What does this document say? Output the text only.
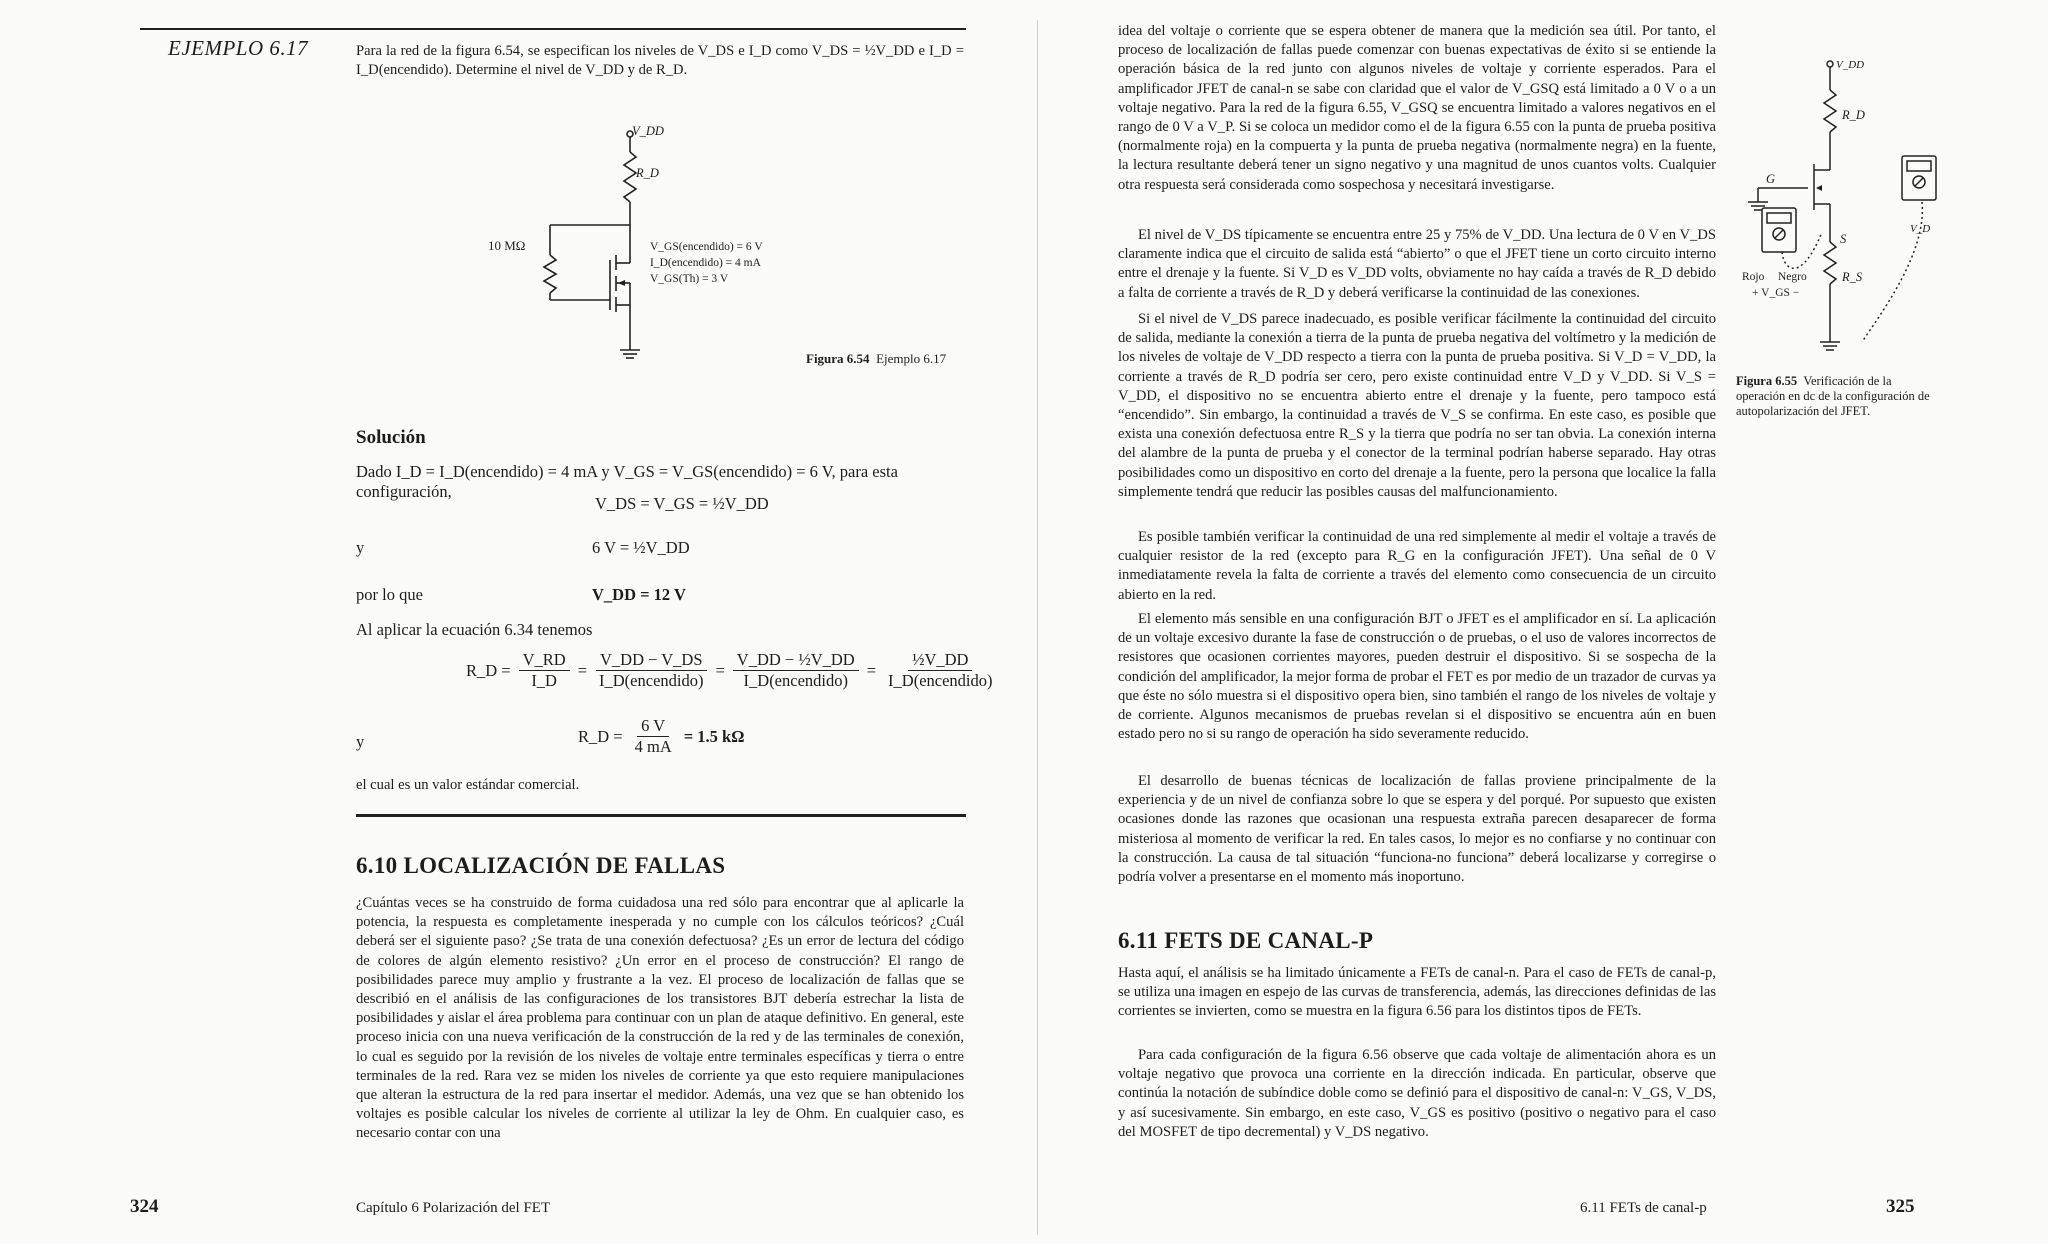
EJEMPLO 6.17	Para la red de la figura 6.54, se especifican los niveles de V_DS e I_D como V_DS = ½V_DD e I_D = I_D(encendido). Determine el nivel de V_DD y de R_D.
V_DD
R_D
10 MΩ	V_GS(encendido) = 6 V
I_D(encendido) = 4 mA
V_GS(Th) = 3 V
Figura 6.54 Ejemplo 6.17
Solución
Dado I_D = I_D(encendido) = 4 mA y V_GS = V_GS(encendido) = 6 V, para esta configuración,
V_DS = V_GS = ½V_DD
y	6 V = ½V_DD
por lo que	V_DD = 12 V
Al aplicar la ecuación 6.34 tenemos
R_D = $\frac{V\_RD}{I\_D} = \frac{V\_DD - V\_DS}{\text{I\_D(encendido)}} = \frac{\text{V\_DD − ½V\_DD}}{\text{I\_D(encendido)}} = \frac{\text{½V\_DD}}{\text{I\_D(encendido)}}$
y	R_D = $\frac{6 V}{4 mA} = 1.5$ kΩ
el cual es un valor estándar comercial.
6.10 LOCALIZACIÓN DE FALLAS
¿Cuántas veces se ha construido de forma cuidadosa una red sólo para encontrar que al aplicarle la potencia, la respuesta es completamente inesperada y no cumple con los cálculos teóricos? ¿Cuál deberá ser el siguiente paso? ¿Se trata de una conexión defectuosa? ¿Es un error de lectura del código de colores de algún elemento resistivo? ¿Un error en el proceso de construcción? El rango de posibilidades parece muy amplio y frustrante a la vez. El proceso de localización de fallas que se describió en el análisis de las configuraciones de los transistores BJT debería estrechar la lista de posibilidades y aislar el área problema para continuar con un plan de ataque definitivo. En general, este proceso inicia con una nueva verificación de la construcción de la red y de las terminales de conexión, lo cual es seguido por la revisión de los niveles de voltaje entre terminales específicas y tierra o entre terminales de la red. Rara vez se miden los niveles de corriente ya que esto requiere manipulaciones que alteran la estructura de la red para insertar el medidor. Además, una vez que se han obtenido los voltajes es posible calcular los niveles de corriente al utilizar la ley de Ohm. En cualquier caso, es necesario contar con una
324	Capítulo 6 Polarización del FET
idea del voltaje o corriente que se espera obtener de manera que la medición sea útil. Por tanto, el proceso de localización de fallas puede comenzar con buenas expectativas de éxito si se entiende la operación básica de la red junto con algunos niveles de voltaje y corriente esperados. Para el amplificador JFET de canal-n se sabe con claridad que el valor de V_GSQ está limitado a 0 V o a un voltaje negativo. Para la red de la figura 6.55, V_GSQ se encuentra limitado a valores negativos en el rango de 0 V a V_P. Si se coloca un medidor como el de la figura 6.55 con la punta de prueba positiva (normalmente roja) en la compuerta y la punta de prueba negativa (normalmente negra) en la fuente, la lectura resultante deberá tener un signo negativo y una magnitud de unos cuantos volts. Cualquier otra respuesta será considerada como sospechosa y necesitará investigarse.
El nivel de V_DS típicamente se encuentra entre 25 y 75% de V_DD. Una lectura de 0 V en V_DS claramente indica que el circuito de salida está “abierto” o que el JFET tiene un corto circuito interno entre el drenaje y la fuente. Si V_D es V_DD volts, obviamente no hay caída a través de R_D debido a falta de corriente a través de R_D y deberá verificarse la continuidad de las conexiones.
Si el nivel de V_DS parece inadecuado, es posible verificar fácilmente la continuidad del circuito de salida, mediante la conexión a tierra de la punta de prueba negativa del voltímetro y la medición de los niveles de voltaje de V_DD respecto a tierra con la punta de prueba positiva. Si V_D = V_DD, la corriente a través de R_D podría ser cero, pero existe continuidad entre V_D y V_DD. Si V_S = V_DD, el dispositivo no se encuentra abierto entre el drenaje y la fuente, pero tampoco está “encendido”. Sin embargo, la continuidad a través de V_S se confirma. En este caso, es posible que exista una conexión defectuosa entre R_S y la tierra que podría no ser tan obvia. La conexión interna del alambre de la punta de prueba y el conector de la terminal podrían haberse separado. Hay otras posibilidades como un dispositivo en corto del drenaje a la fuente, pero la persona que localice la falla simplemente tendrá que reducir las posibles causas del malfuncionamiento.
Es posible también verificar la continuidad de una red simplemente al medir el voltaje a través de cualquier resistor de la red (excepto para R_G en la configuración JFET). Una señal de 0 V inmediatamente revela la falta de corriente a través del elemento como consecuencia de un circuito abierto en la red.
El elemento más sensible en una configuración BJT o JFET es el amplificador en sí. La aplicación de un voltaje excesivo durante la fase de construcción o de pruebas, o el uso de valores incorrectos de resistores que ocasionen corrientes mayores, pueden destruir el dispositivo. Si se sospecha de la condición del amplificador, la mejor forma de probar el FET es por medio de un trazador de curvas ya que éste no sólo muestra si el dispositivo opera bien, sino también el rango de los niveles de voltaje y de corriente. Algunos mecanismos de pruebas revelan si el dispositivo se encuentra aún en buen estado pero no si su rango de operación ha sido severamente reducido.
El desarrollo de buenas técnicas de localización de fallas proviene principalmente de la experiencia y de un nivel de confianza sobre lo que se espera y del porqué. Por supuesto que existen ocasiones donde las razones que ocasionan una respuesta extraña parecen desaparecer de forma misteriosa al momento de verificar la red. En tales casos, lo mejor es no confiarse y no continuar con la construcción. La causa de tal situación “funciona-no funciona” deberá localizarse y corregirse o podría volver a presentarse en el momento más inoportuno.
6.11 FETS DE CANAL-P
Hasta aquí, el análisis se ha limitado únicamente a FETs de canal-n. Para el caso de FETs de canal-p, se utiliza una imagen en espejo de las curvas de transferencia, además, las direcciones definidas de las corrientes se invierten, como se muestra en la figura 6.56 para los distintos tipos de FETs.
Para cada configuración de la figura 6.56 observe que cada voltaje de alimentación ahora es un voltaje negativo que provoca una corriente en la dirección indicada. En particular, observe que continúa la notación de subíndice doble como se definió para el dispositivo de canal-n: V_GS, V_DS, y así sucesivamente. Sin embargo, en este caso, V_GS es positivo (positivo o negativo para el caso del MOSFET de tipo decremental) y V_DS negativo.
V_DD
R_D
G
S
R_S
V_D
Rojo Negro
+ V_GS −
Figura 6.55 Verificación de la operación en dc de la configuración de autopolarización del JFET.
6.11 FETs de canal-p	325
